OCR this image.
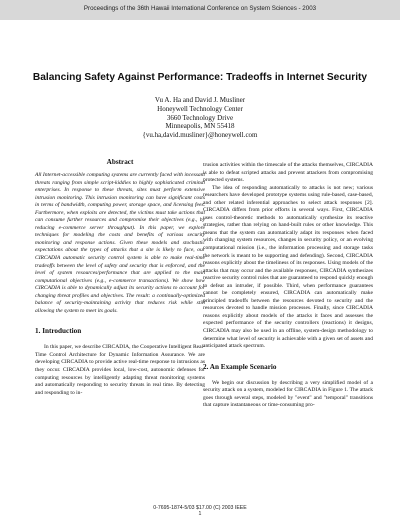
Proceedings of the 36th Hawaii International Conference on System Sciences - 2003
Balancing Safety Against Performance: Tradeoffs in Internet Security
Vu A. Ha and David J. Musliner
Honeywell Technology Center
3660 Technology Drive
Minneapolis, MN 55418
{vu.ha,david.musliner}@honeywell.com
Abstract

All Internet-accessible computing systems are currently faced with incessant threats ranging from simple script-kiddies to highly sophisticated criminal enterprises. In response to these threats, sites must perform extensive intrusion monitoring. This intrusion monitoring can have significant costs in terms of bandwidth, computing power, storage space, and licensing fees. Furthermore, when exploits are detected, the victims must take actions that can consume further resources and compromise their objectives (e.g., by reducing e-commerce server throughput). In this paper, we explore techniques for modeling the costs and benefits of various security monitoring and response actions. Given these models and stochastic expectations about the types of attacks that a site is likely to face, our CIRCADIA automatic security control system is able to make real-time tradeoffs between the level of safety and security that is enforced, and the level of system resources/performance that are applied to the main computational objectives (e.g., e-commerce transactions). We show how CIRCADIA is able to dynamically adjust its security actions to account for changing threat profiles and objectives. The result: a continually-optimized balance of security-maintaining activity that reduces risk while still allowing the system to meet its goals.

1. Introduction

In this paper, we describe CIRCADIA, the Cooperative Intelligent Real-Time Control Architecture for Dynamic Information Assurance. We are developing CIRCADIA to provide active real-time response to intrusions as they occur. CIRCADIA provides local, low-cost, autonomic defenses for computing resources by intelligently adapting threat monitoring systems and automatically responding to security threats in real time. By detecting and responding to in-

trusion activities within the timescale of the attacks themselves, CIRCADIA is able to defeat scripted attacks and prevent attackers from compromising protected systems.

The idea of responding automatically to attacks is not new; various researchers have developed prototype systems using rule-based, case-based, and other related inferential approaches to select attack responses [2]. CIRCADIA differs from prior efforts in several ways. First, CIRCADIA uses control-theoretic methods to automatically synthesize its reactive strategies, rather than relying on hand-built rules or other knowledge. This means that the system can automatically adapt its responses when faced with changing system resources, changes in security policy, or an evolving computational mission (i.e., the information processing and storage tasks the network is meant to be supporting and defending). Second, CIRCADIA reasons explicitly about the timeliness of its responses. Using models of the attacks that may occur and the available responses, CIRCADIA synthesizes reactive security control rules that are guaranteed to respond quickly enough to defeat an intruder, if possible. Third, when performance guarantees cannot be completely ensured, CIRCADIA can automatically make principled tradeoffs between the resources devoted to security and the resources devoted to handle mission processes. Finally, since CIRCADIA reasons explicitly about models of the attacks it faces and assesses the expected performance of the security controllers (reactions) it designs, CIRCADIA may also be used in an offline, system-design methodology to determine what level of security is achievable with a given set of assets and anticipated attack spectrum.

2. An Example Scenario

We begin our discussion by describing a very simplified model of a security attack on a system, modeled for CIRCADIA in Figure 1. The attack goes through several steps, modeled by "event" and "temporal" transitions that capture instantaneous or time-consuming pro-

0-7695-1874-5/03 $17.00 (C) 2003 IEEE
1
